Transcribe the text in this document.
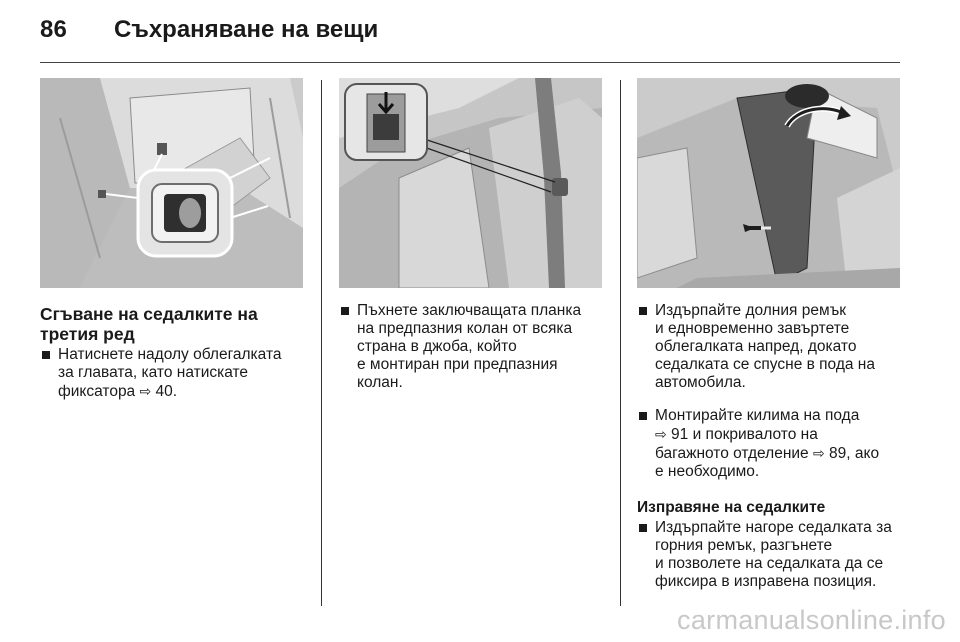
86 Съхраняване на вещи
Сгъване на седалките на третия ред
Натиснете надолу облегалката
за главата, като натискате
фиксатора ⇨ 40.
Пъхнете заключващата планка
на предпазния колан от всяка
страна в джоба, който
е монтиран при предпазния
колан.
Издърпайте долния ремък
и едновременно завъртете
облегалката напред, докато
седалката се спусне в пода на
автомобила.
Монтирайте килима на пода
⇨ 91 и покривалото на
багажното отделение ⇨ 89, ако
е необходимо.
Изправяне на седалките
Издърпайте нагоре седалката за
горния ремък, разгънете
и позволете на седалката да се
фиксира в изправена позиция.
carmanualsonline.info
